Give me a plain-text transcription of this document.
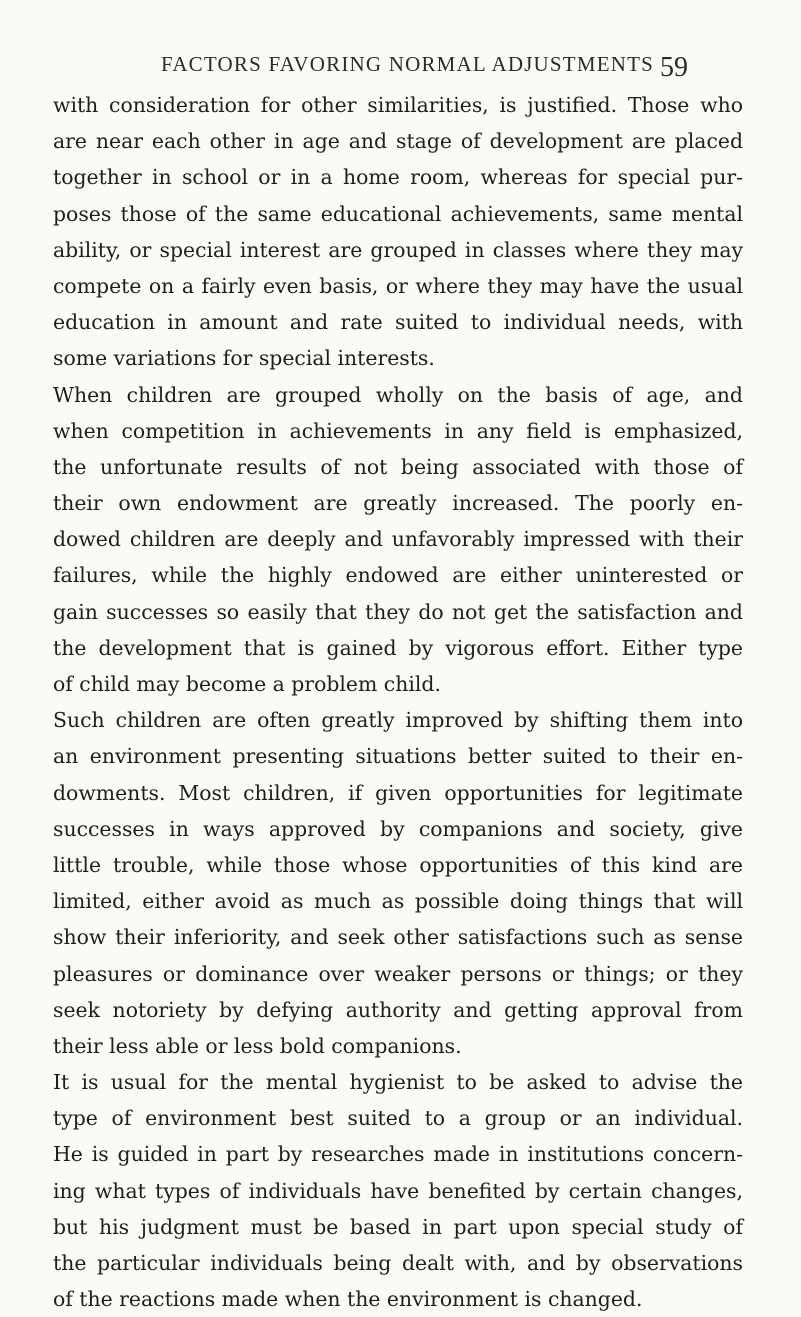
FACTORS FAVORING NORMAL ADJUSTMENTS 59
with consideration for other similarities, is justified. Those who
are near each other in age and stage of development are placed
together in school or in a home room, whereas for special pur-
poses those of the same educational achievements, same mental
ability, or special interest are grouped in classes where they may
compete on a fairly even basis, or where they may have the usual
education in amount and rate suited to individual needs, with
some variations for special interests.
When children are grouped wholly on the basis of age, and
when competition in achievements in any field is emphasized,
the unfortunate results of not being associated with those of
their own endowment are greatly increased. The poorly en-
dowed children are deeply and unfavorably impressed with their
failures, while the highly endowed are either uninterested or
gain successes so easily that they do not get the satisfaction and
the development that is gained by vigorous effort. Either type
of child may become a problem child.
Such children are often greatly improved by shifting them into
an environment presenting situations better suited to their en-
dowments. Most children, if given opportunities for legitimate
successes in ways approved by companions and society, give
little trouble, while those whose opportunities of this kind are
limited, either avoid as much as possible doing things that will
show their inferiority, and seek other satisfactions such as sense
pleasures or dominance over weaker persons or things; or they
seek notoriety by defying authority and getting approval from
their less able or less bold companions.
It is usual for the mental hygienist to be asked to advise the
type of environment best suited to a group or an individual.
He is guided in part by researches made in institutions concern-
ing what types of individuals have benefited by certain changes,
but his judgment must be based in part upon special study of
the particular individuals being dealt with, and by observations
of the reactions made when the environment is changed.
